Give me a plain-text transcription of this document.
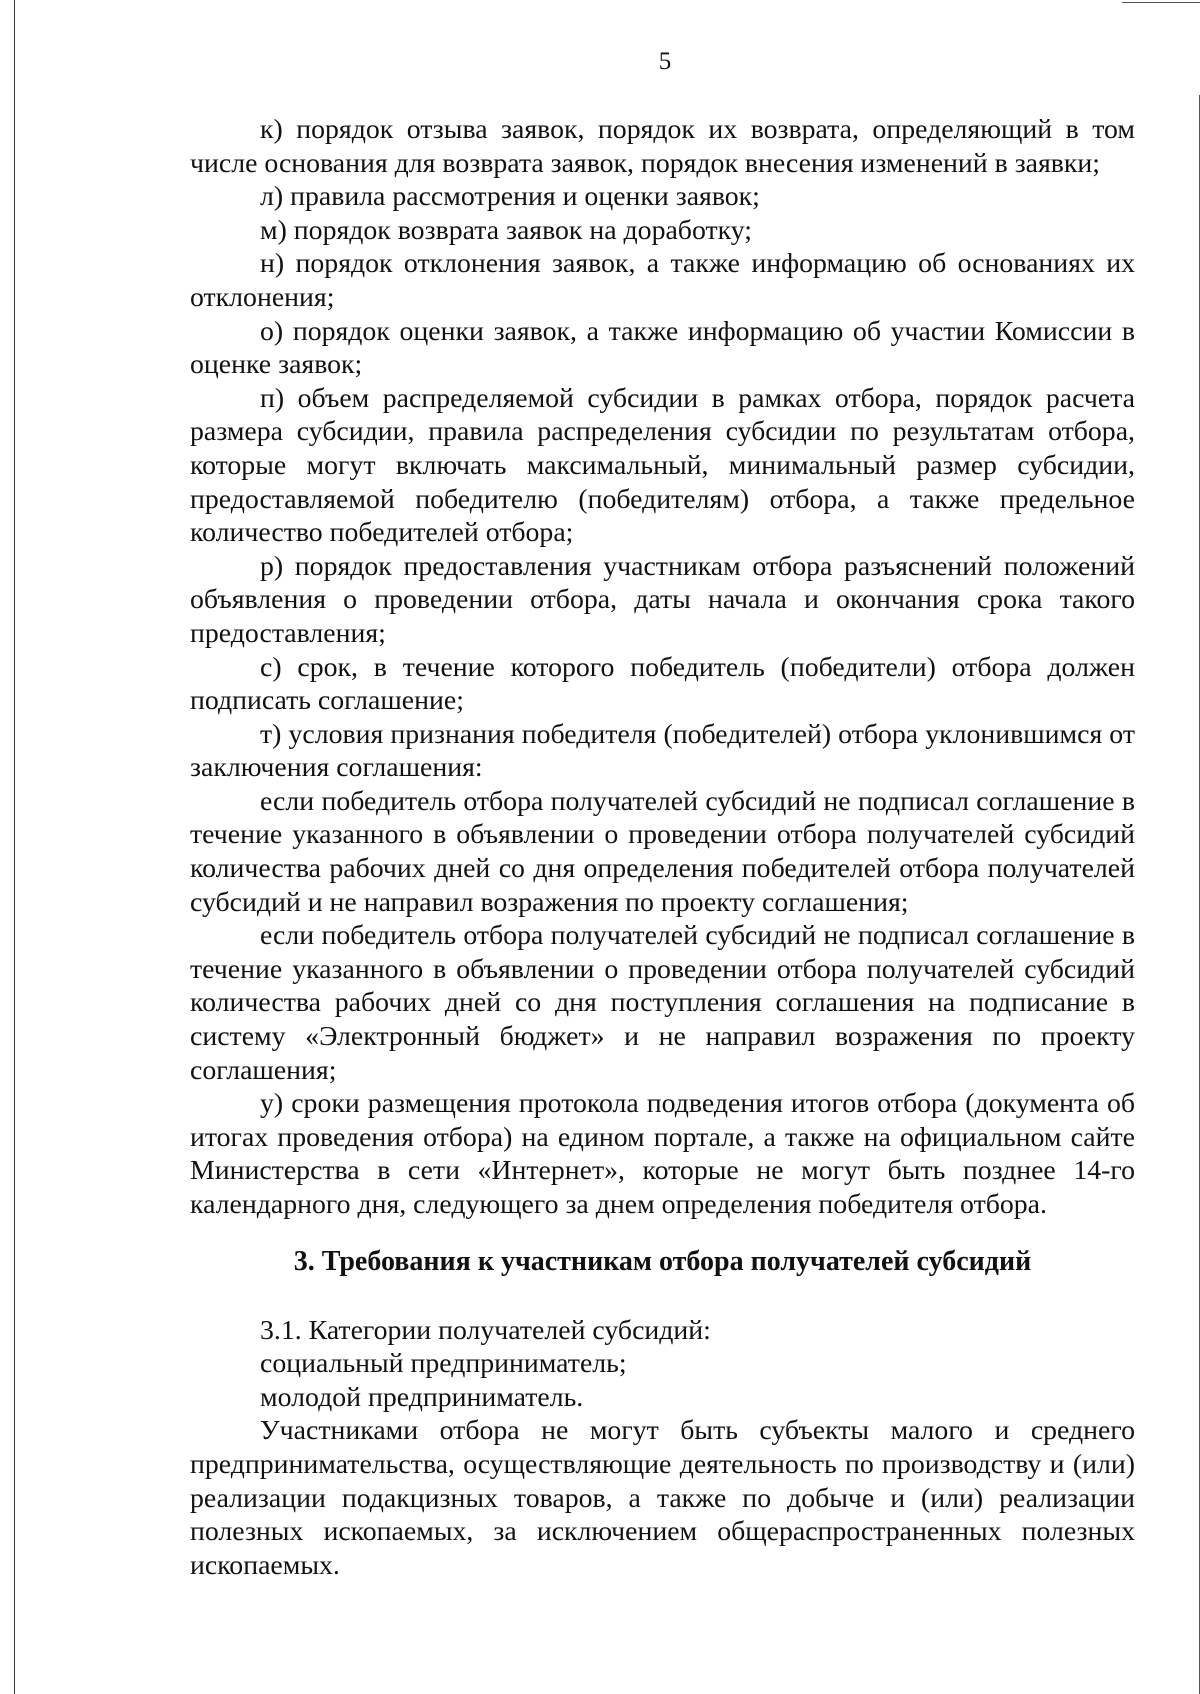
5

к) порядок отзыва заявок, порядок их возврата, определяющий в том числе основания для возврата заявок, порядок внесения изменений в заявки;

л) правила рассмотрения и оценки заявок;

м) порядок возврата заявок на доработку;

н) порядок отклонения заявок, а также информацию об основаниях их отклонения;

о) порядок оценки заявок, а также информацию об участии Комиссии в оценке заявок;

п) объем распределяемой субсидии в рамках отбора, порядок расчета размера субсидии, правила распределения субсидии по результатам отбора, которые могут включать максимальный, минимальный размер субсидии, предоставляемой победителю (победителям) отбора, а также предельное количество победителей отбора;

р) порядок предоставления участникам отбора разъяснений положений объявления о проведении отбора, даты начала и окончания срока такого предоставления;

с) срок, в течение которого победитель (победители) отбора должен подписать соглашение;

т) условия признания победителя (победителей) отбора уклонившимся от заключения соглашения:

если победитель отбора получателей субсидий не подписал соглашение в течение указанного в объявлении о проведении отбора получателей субсидий количества рабочих дней со дня определения победителей отбора получателей субсидий и не направил возражения по проекту соглашения;

если победитель отбора получателей субсидий не подписал соглашение в течение указанного в объявлении о проведении отбора получателей субсидий количества рабочих дней со дня поступления соглашения на подписание в систему «Электронный бюджет» и не направил возражения по проекту соглашения;

у) сроки размещения протокола подведения итогов отбора (документа об итогах проведения отбора) на едином портале, а также на официальном сайте Министерства в сети «Интернет», которые не могут быть позднее 14-го календарного дня, следующего за днем определения победителя отбора.

3. Требования к участникам отбора получателей субсидий

3.1. Категории получателей субсидий:

социальный предприниматель;

молодой предприниматель.

Участниками отбора не могут быть субъекты малого и среднего предпринимательства, осуществляющие деятельность по производству и (или) реализации подакцизных товаров, а также по добыче и (или) реализации полезных ископаемых, за исключением общераспространенных полезных ископаемых.
